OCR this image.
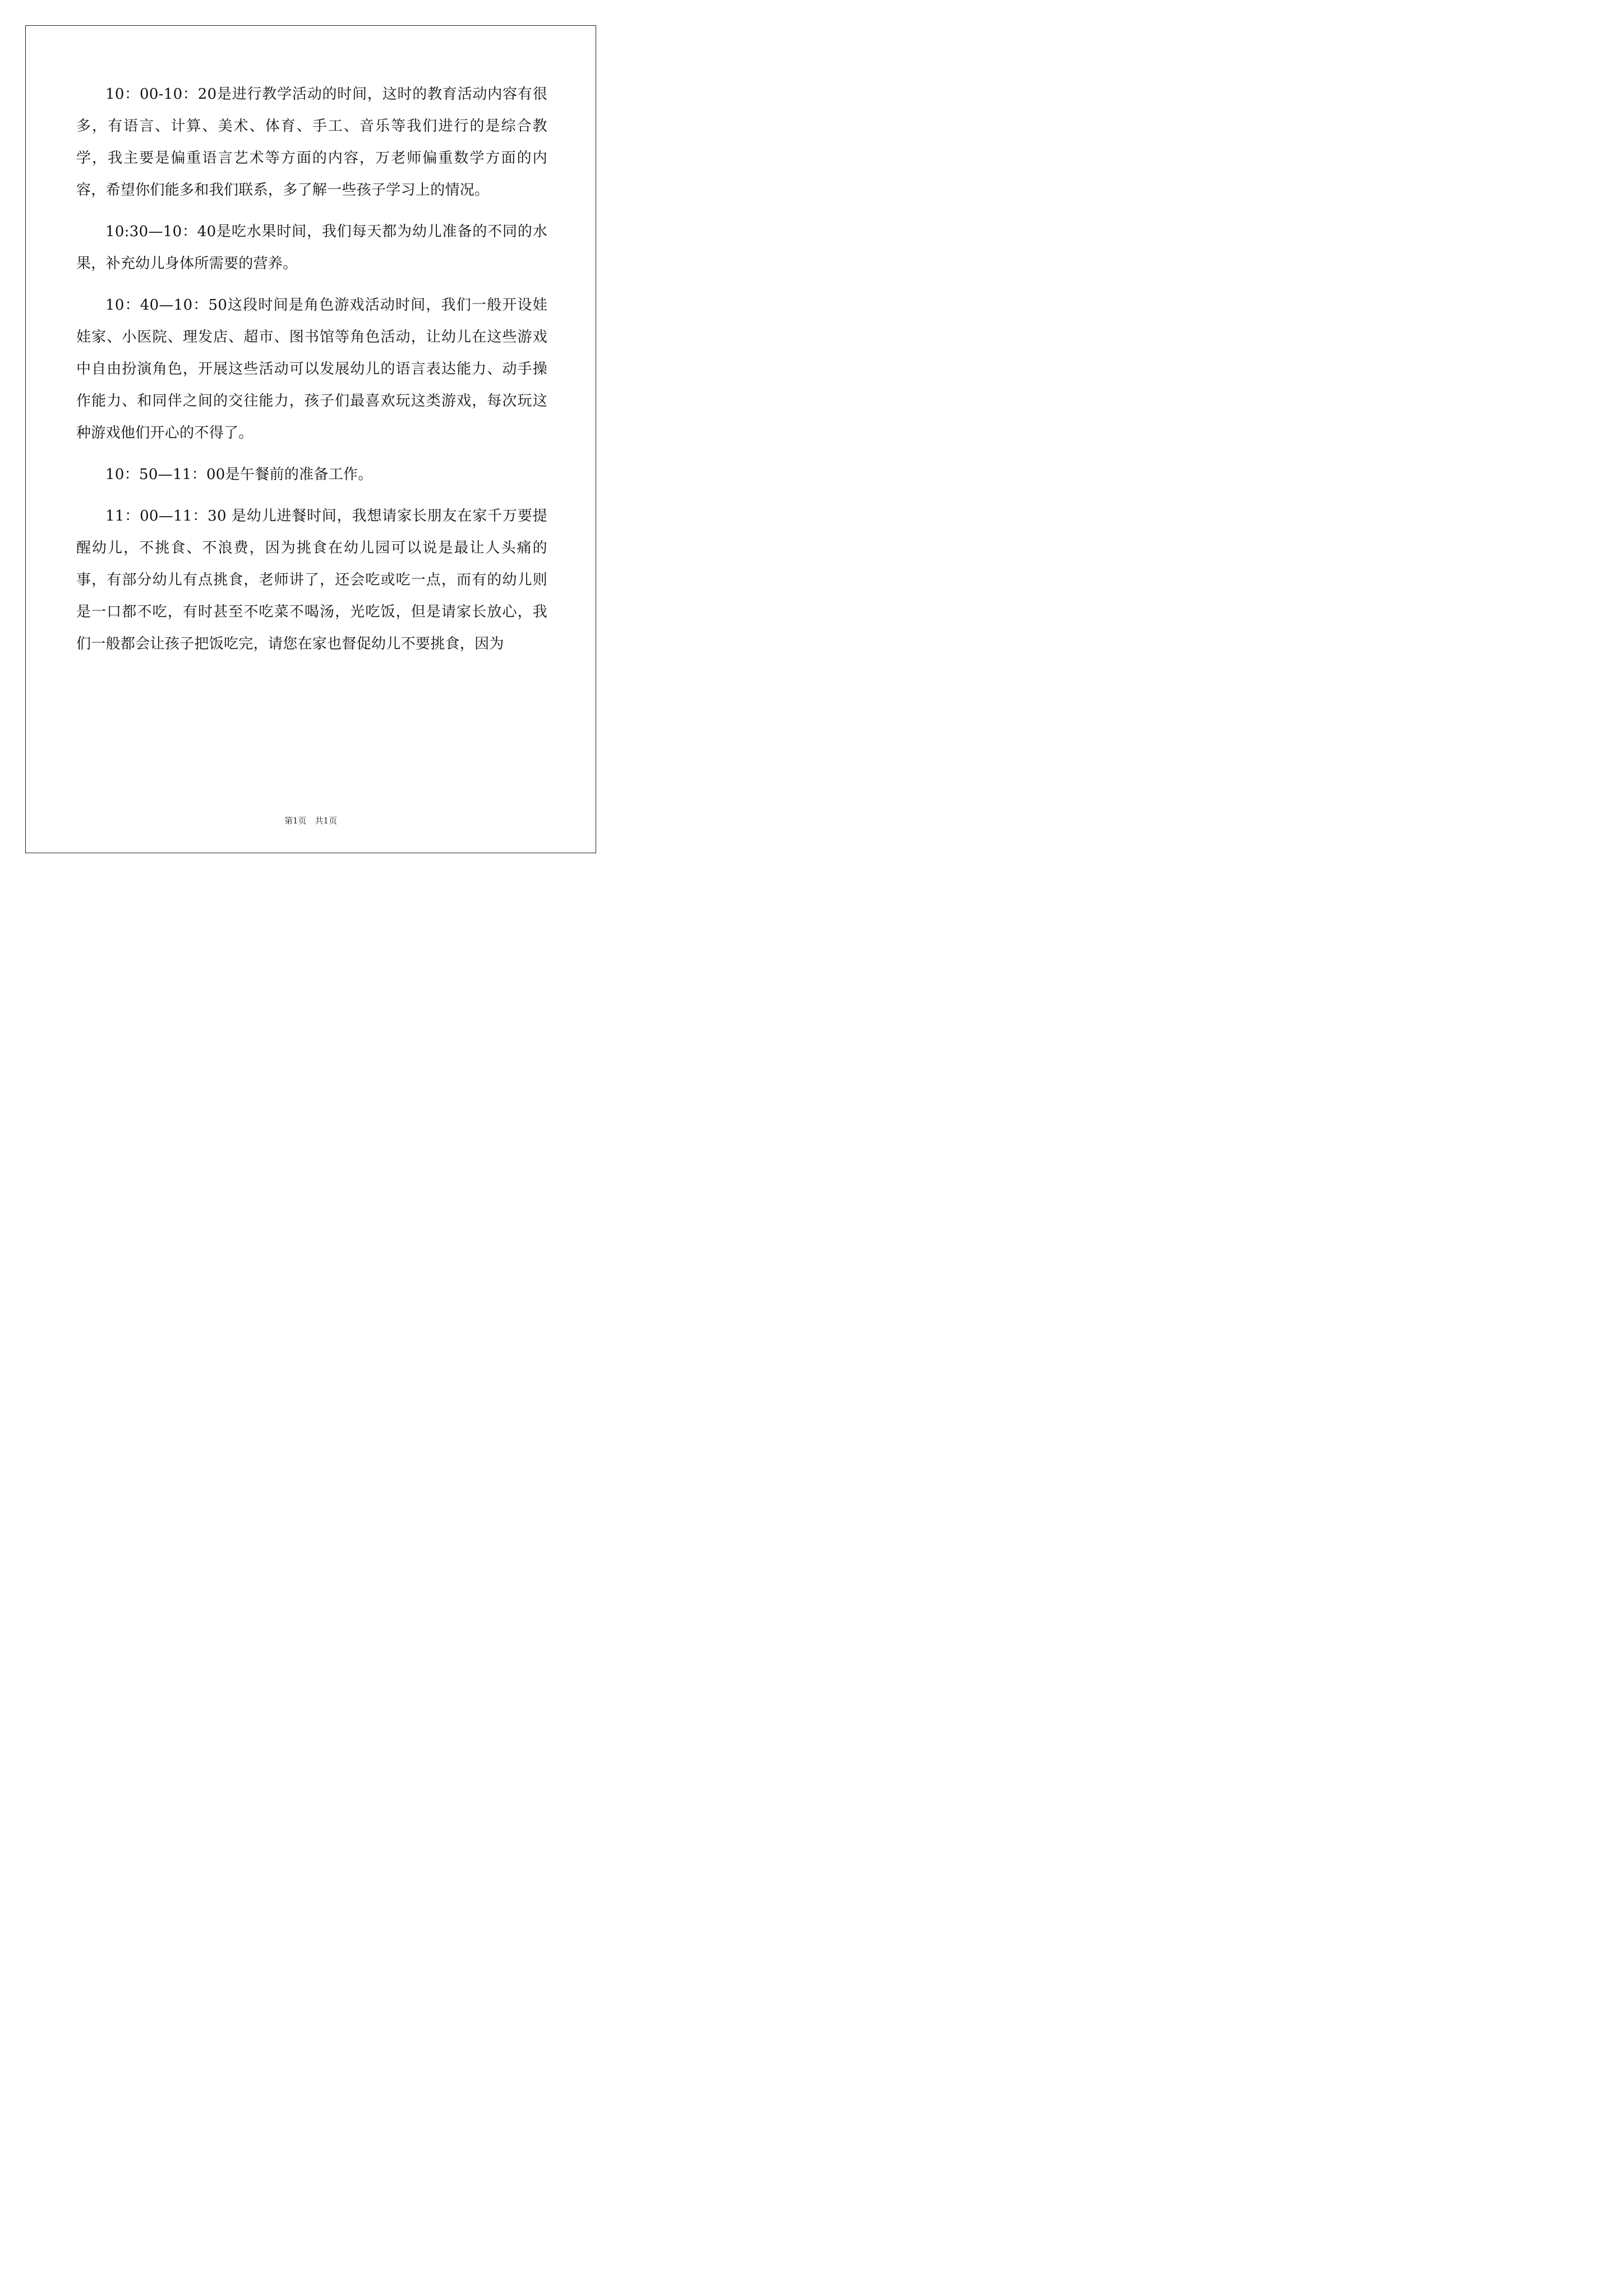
10：00-10：20是进行教学活动的时间，这时的教育活动内容有很多，有语言、计算、美术、体育、手工、音乐等我们进行的是综合教学，我主要是偏重语言艺术等方面的内容，万老师偏重数学方面的内容，希望你们能多和我们联系，多了解一些孩子学习上的情况。

10:30—10：40是吃水果时间，我们每天都为幼儿准备的不同的水果，补充幼儿身体所需要的营养。

10：40—10：50这段时间是角色游戏活动时间，我们一般开设娃娃家、小医院、理发店、超市、图书馆等角色活动，让幼儿在这些游戏中自由扮演角色，开展这些活动可以发展幼儿的语言表达能力、动手操作能力、和同伴之间的交往能力，孩子们最喜欢玩这类游戏，每次玩这种游戏他们开心的不得了。

10：50—11：00是午餐前的准备工作。

11：00—11：30 是幼儿进餐时间，我想请家长朋友在家千万要提醒幼儿，不挑食、不浪费，因为挑食在幼儿园可以说是最让人头痛的事，有部分幼儿有点挑食，老师讲了，还会吃或吃一点，而有的幼儿则是一口都不吃，有时甚至不吃菜不喝汤，光吃饭，但是请家长放心，我们一般都会让孩子把饭吃完，请您在家也督促幼儿不要挑食，因为

第1页　共1页
